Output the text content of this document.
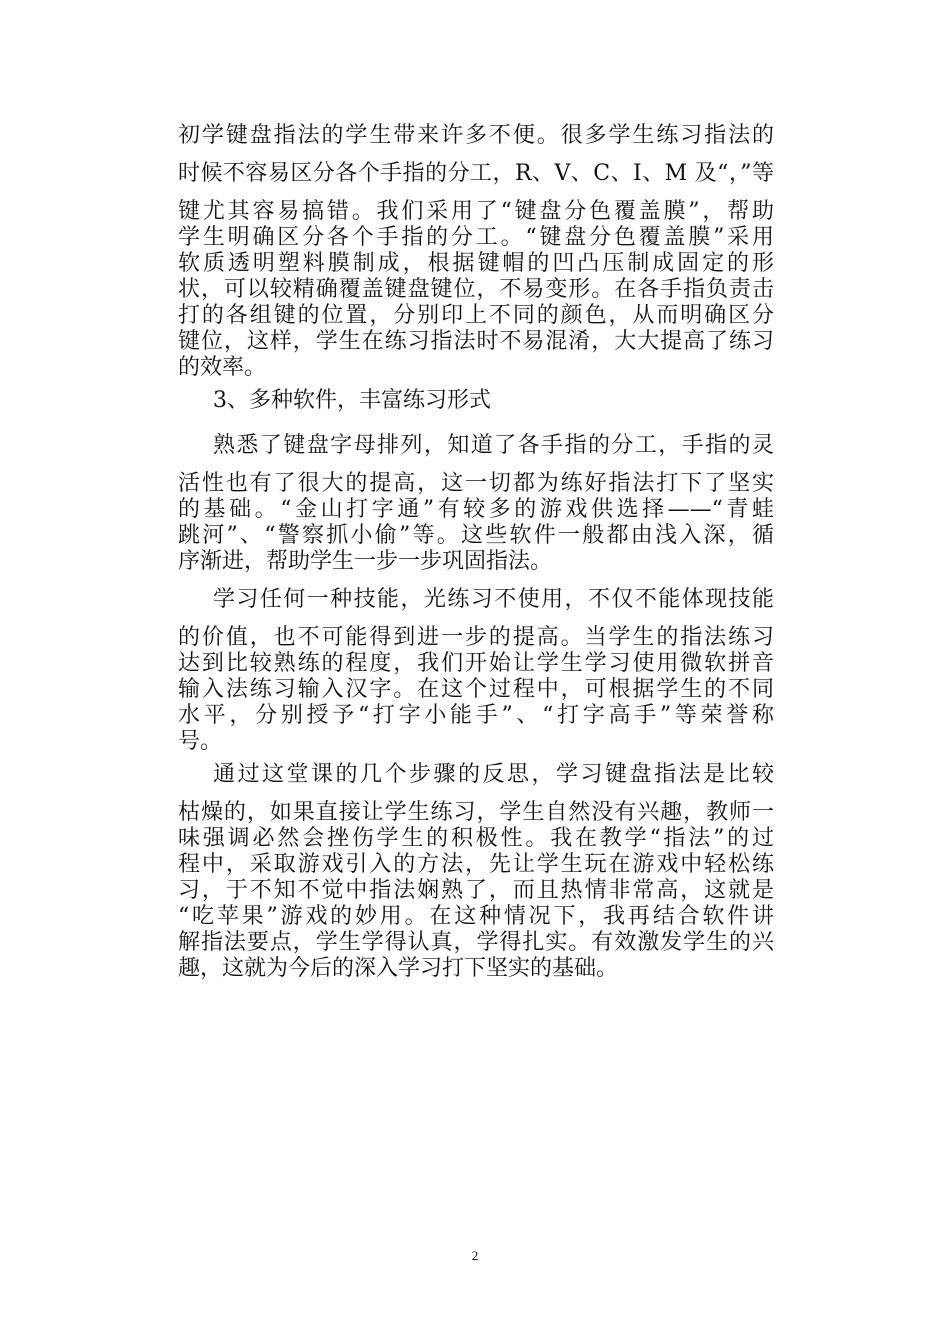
初学键盘指法的学生带来许多不便。很多学生练习指法的
时候不容易区分各个手指的分工，R、V、C、I、M 及“，”等
键尤其容易搞错。我们采用了“键盘分色覆盖膜”，帮助
学生明确区分各个手指的分工。“键盘分色覆盖膜”采用
软质透明塑料膜制成，根据键帽的凹凸压制成固定的形
状，可以较精确覆盖键盘键位，不易变形。在各手指负责击
打的各组键的位置，分别印上不同的颜色，从而明确区分
键位，这样，学生在练习指法时不易混淆，大大提高了练习
的效率。
3、多种软件，丰富练习形式
熟悉了键盘字母排列，知道了各手指的分工，手指的灵
活性也有了很大的提高，这一切都为练好指法打下了坚实
的基础。“金山打字通”有较多的游戏供选择——“青蛙
跳河”、“警察抓小偷”等。这些软件一般都由浅入深，循
序渐进，帮助学生一步一步巩固指法。
学习任何一种技能，光练习不使用，不仅不能体现技能
的价值，也不可能得到进一步的提高。当学生的指法练习
达到比较熟练的程度，我们开始让学生学习使用微软拼音
输入法练习输入汉字。在这个过程中，可根据学生的不同
水平，分别授予“打字小能手”、“打字高手”等荣誉称
号。
通过这堂课的几个步骤的反思，学习键盘指法是比较
枯燥的，如果直接让学生练习，学生自然没有兴趣，教师一
味强调必然会挫伤学生的积极性。我在教学“指法”的过
程中，采取游戏引入的方法，先让学生玩在游戏中轻松练
习，于不知不觉中指法娴熟了，而且热情非常高，这就是
“吃苹果”游戏的妙用。在这种情况下，我再结合软件讲
解指法要点，学生学得认真，学得扎实。有效激发学生的兴
趣，这就为今后的深入学习打下坚实的基础。
2
